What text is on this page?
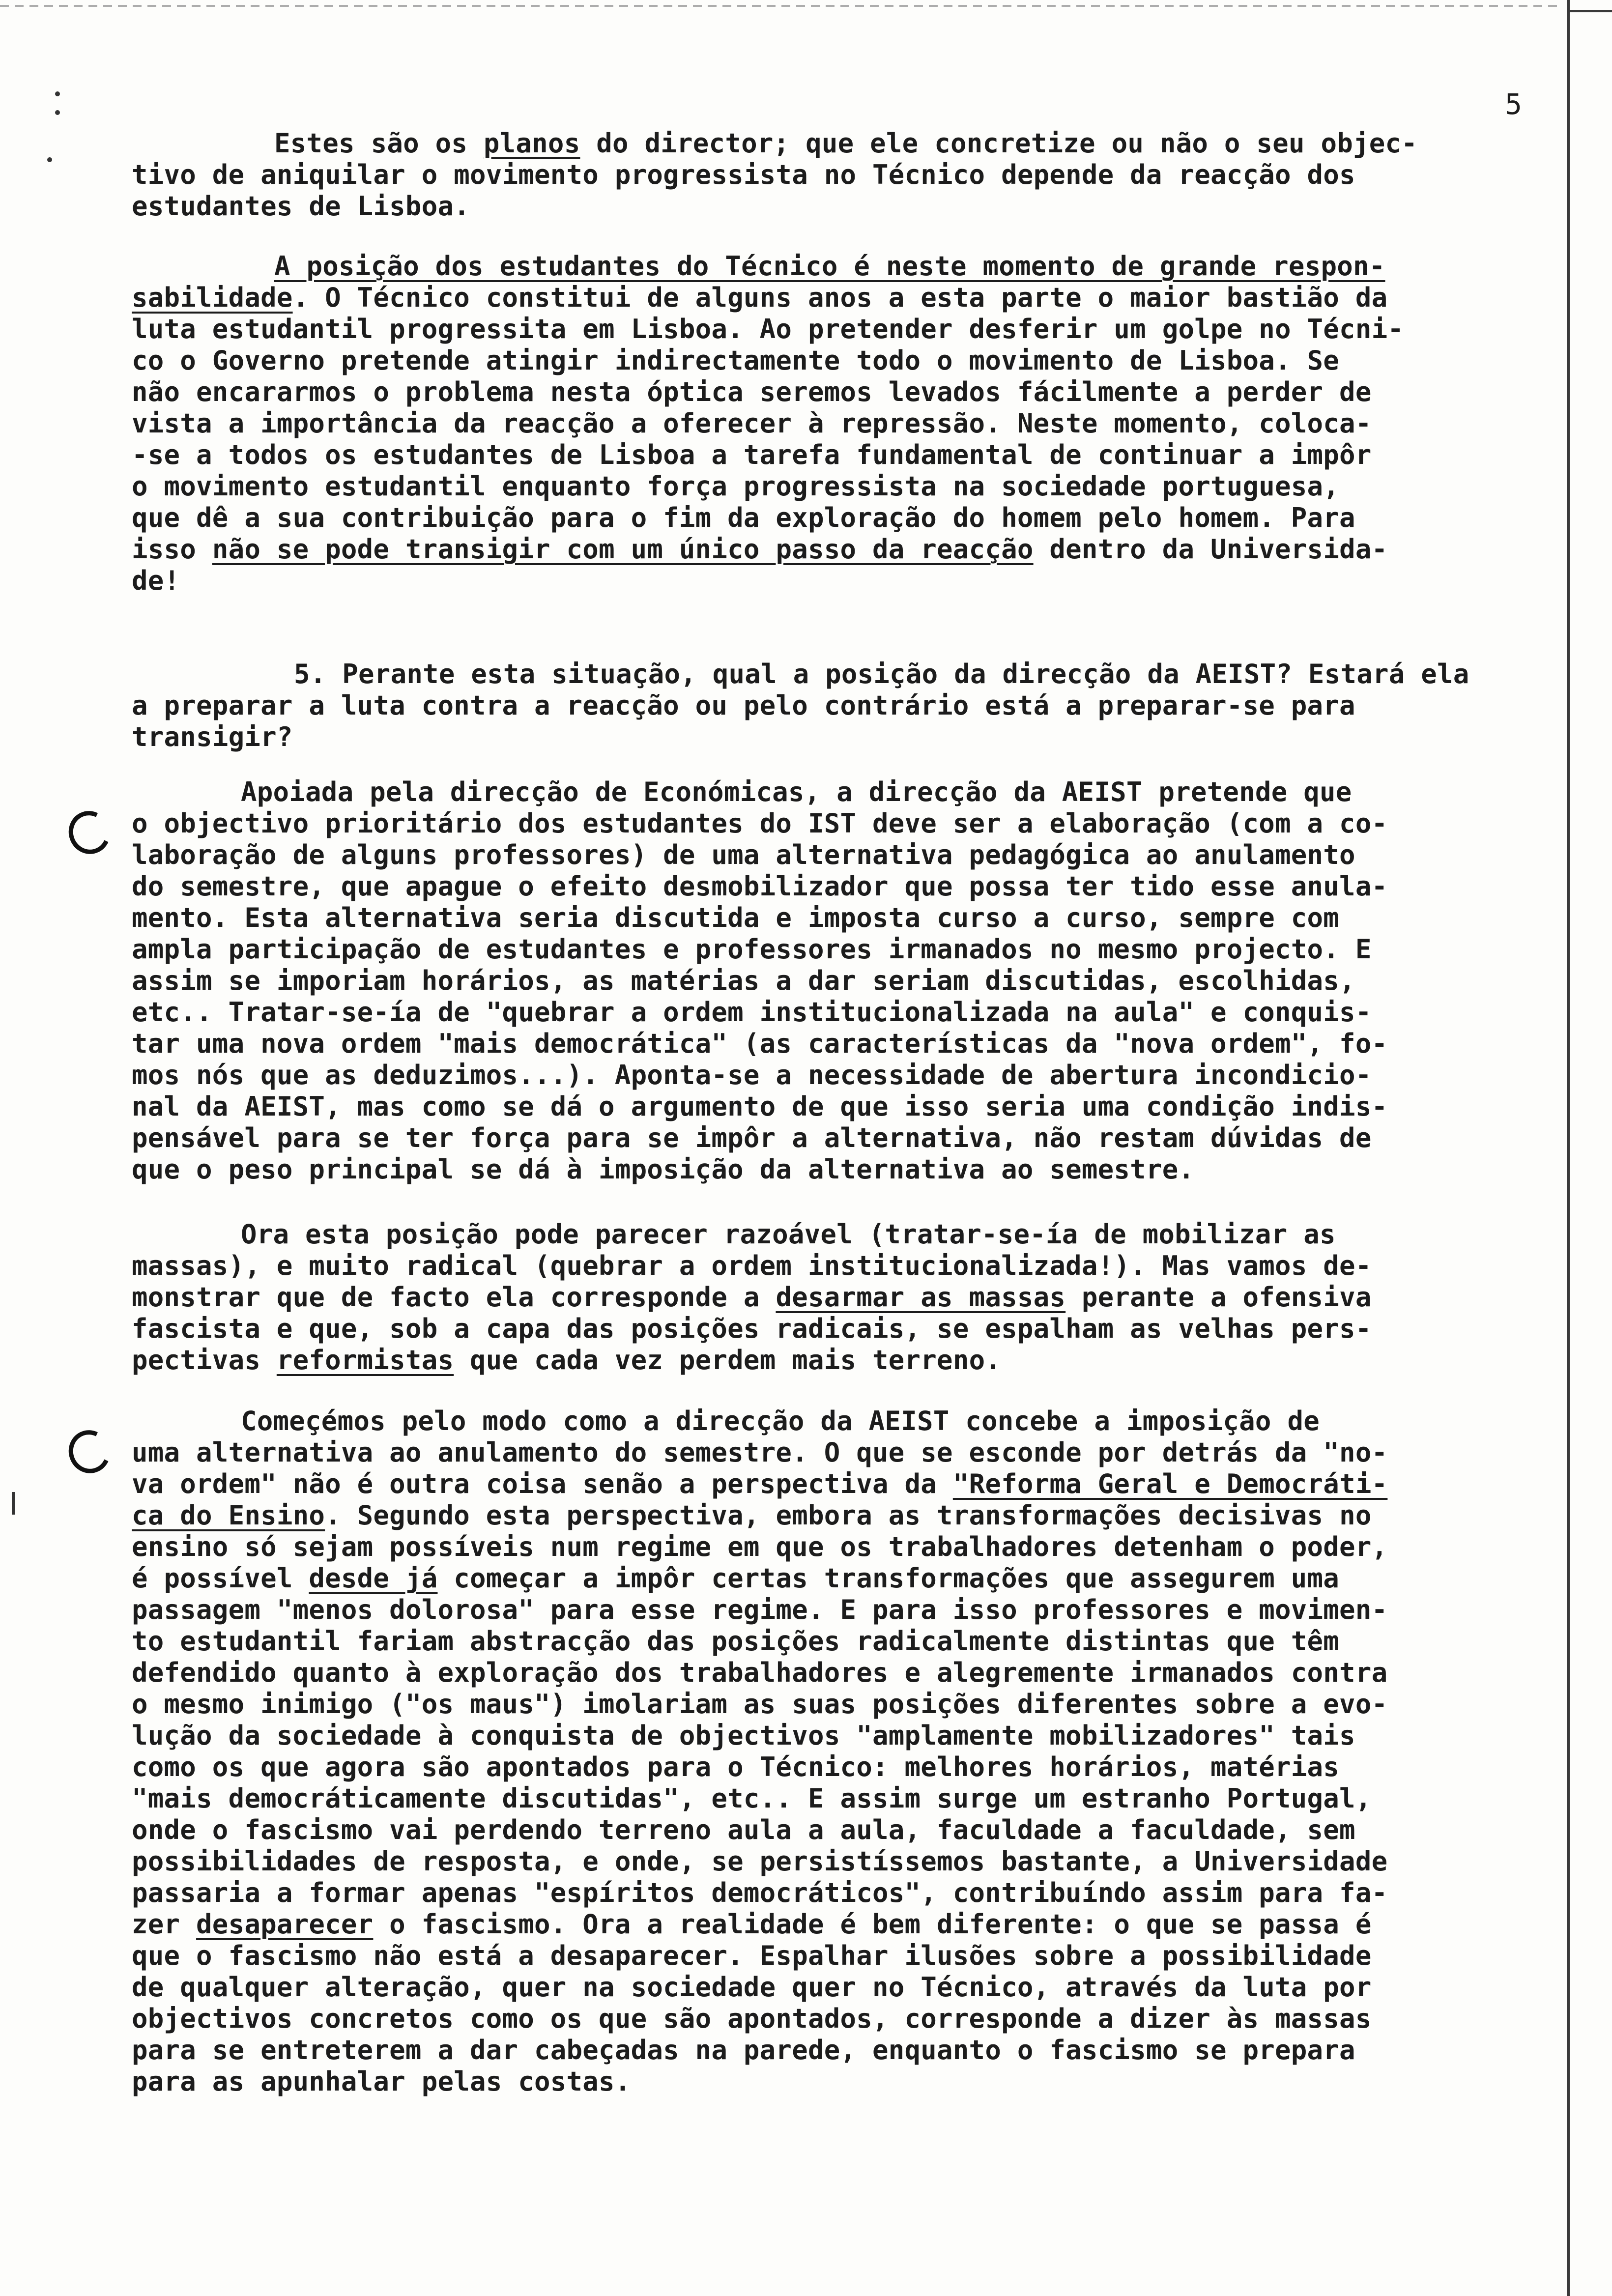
5

Estes são os planos do director; que ele concretize ou não o seu objec-
tivo de aniquilar o movimento progressista no Técnico depende da reacção dos
estudantes de Lisboa.

A posição dos estudantes do Técnico é neste momento de grande respon-
sabilidade. O Técnico constitui de alguns anos a esta parte o maior bastião da
luta estudantil progressita em Lisboa. Ao pretender desferir um golpe no Técni-
co o Governo pretende atingir indirectamente todo o movimento de Lisboa. Se
não encararmos o problema nesta óptica seremos levados fácilmente a perder de
vista a importância da reacção a oferecer à repressão. Neste momento, coloca-
-se a todos os estudantes de Lisboa a tarefa fundamental de continuar a impôr
o movimento estudantil enquanto força progressista na sociedade portuguesa,
que dê a sua contribuição para o fim da exploração do homem pelo homem. Para
isso não se pode transigir com um único passo da reacção dentro da Universida-
de!

5. Perante esta situação, qual a posição da direcção da AEIST? Estará ela
a preparar a luta contra a reacção ou pelo contrário está a preparar-se para
transigir?

Apoiada pela direcção de Económicas, a direcção da AEIST pretende que
o objectivo prioritário dos estudantes do IST deve ser a elaboração (com a co-
laboração de alguns professores) de uma alternativa pedagógica ao anulamento
do semestre, que apague o efeito desmobilizador que possa ter tido esse anula-
mento. Esta alternativa seria discutida e imposta curso a curso, sempre com
ampla participação de estudantes e professores irmanados no mesmo projecto. E
assim se imporiam horários, as matérias a dar seriam discutidas, escolhidas,
etc.. Tratar-se-ía de "quebrar a ordem institucionalizada na aula" e conquis-
tar uma nova ordem "mais democrática" (as características da "nova ordem", fo-
mos nós que as deduzimos...). Aponta-se a necessidade de abertura incondicio-
nal da AEIST, mas como se dá o argumento de que isso seria uma condição indis-
pensável para se ter força para se impôr a alternativa, não restam dúvidas de
que o peso principal se dá à imposição da alternativa ao semestre.

Ora esta posição pode parecer razoável (tratar-se-ía de mobilizar as
massas), e muito radical (quebrar a ordem institucionalizada!). Mas vamos de-
monstrar que de facto ela corresponde a desarmar as massas perante a ofensiva
fascista e que, sob a capa das posições radicais, se espalham as velhas pers-
pectivas reformistas que cada vez perdem mais terreno.

Começémos pelo modo como a direcção da AEIST concebe a imposição de
uma alternativa ao anulamento do semestre. O que se esconde por detrás da "no-
va ordem" não é outra coisa senão a perspectiva da "Reforma Geral e Democráti-
ca do Ensino. Segundo esta perspectiva, embora as transformações decisivas no
ensino só sejam possíveis num regime em que os trabalhadores detenham o poder,
é possível desde já começar a impôr certas transformações que assegurem uma
passagem "menos dolorosa" para esse regime. E para isso professores e movimen-
to estudantil fariam abstracção das posições radicalmente distintas que têm
defendido quanto à exploração dos trabalhadores e alegremente irmanados contra
o mesmo inimigo ("os maus") imolariam as suas posições diferentes sobre a evo-
lução da sociedade à conquista de objectivos "amplamente mobilizadores" tais
como os que agora são apontados para o Técnico: melhores horários, matérias
"mais democráticamente discutidas", etc.. E assim surge um estranho Portugal,
onde o fascismo vai perdendo terreno aula a aula, faculdade a faculdade, sem
possibilidades de resposta, e onde, se persistíssemos bastante, a Universidade
passaria a formar apenas "espíritos democráticos", contribuíndo assim para fa-
zer desaparecer o fascismo. Ora a realidade é bem diferente: o que se passa é
que o fascismo não está a desaparecer. Espalhar ilusões sobre a possibilidade
de qualquer alteração, quer na sociedade quer no Técnico, através da luta por
objectivos concretos como os que são apontados, corresponde a dizer às massas
para se entreterem a dar cabeçadas na parede, enquanto o fascismo se prepara
para as apunhalar pelas costas.
